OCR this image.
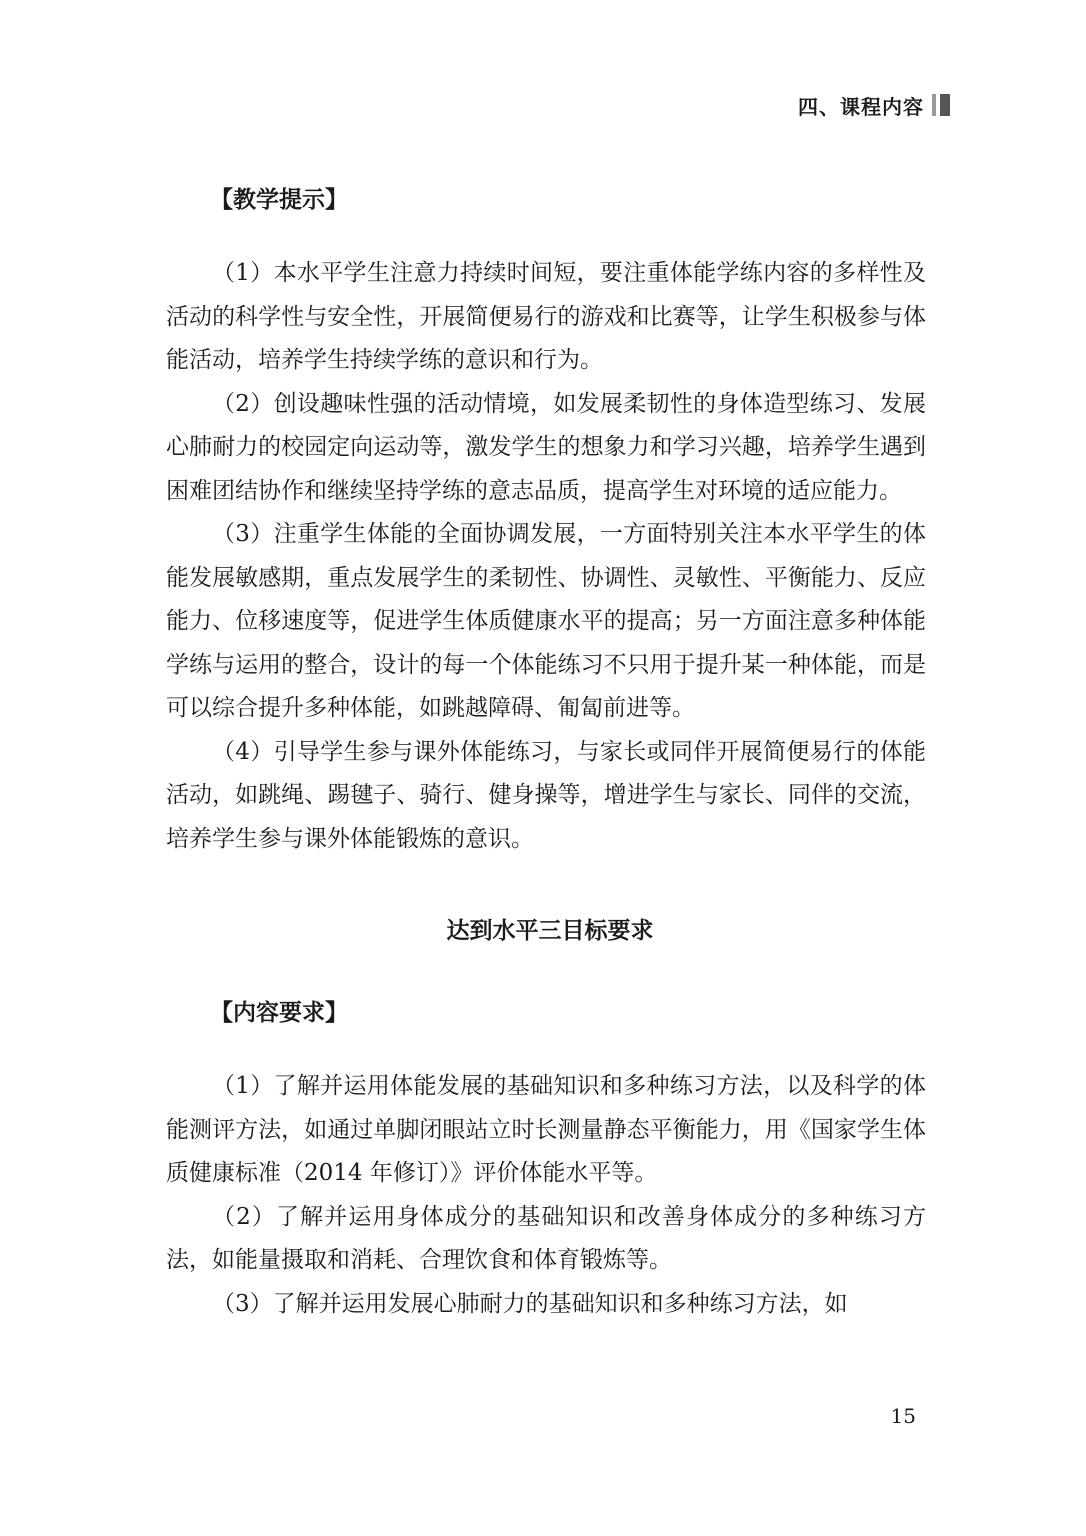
四、课程内容
【教学提示】

（1）本水平学生注意力持续时间短，要注重体能学练内容的多样性及活动的科学性与安全性，开展简便易行的游戏和比赛等，让学生积极参与体能活动，培养学生持续学练的意识和行为。

（2）创设趣味性强的活动情境，如发展柔韧性的身体造型练习、发展心肺耐力的校园定向运动等，激发学生的想象力和学习兴趣，培养学生遇到困难团结协作和继续坚持学练的意志品质，提高学生对环境的适应能力。

（3）注重学生体能的全面协调发展，一方面特别关注本水平学生的体能发展敏感期，重点发展学生的柔韧性、协调性、灵敏性、平衡能力、反应能力、位移速度等，促进学生体质健康水平的提高；另一方面注意多种体能学练与运用的整合，设计的每一个体能练习不只用于提升某一种体能，而是可以综合提升多种体能，如跳越障碍、匍匐前进等。

（4）引导学生参与课外体能练习，与家长或同伴开展简便易行的体能活动，如跳绳、踢毽子、骑行、健身操等，增进学生与家长、同伴的交流，培养学生参与课外体能锻炼的意识。

达到水平三目标要求
【内容要求】

（1）了解并运用体能发展的基础知识和多种练习方法，以及科学的体能测评方法，如通过单脚闭眼站立时长测量静态平衡能力，用《国家学生体质健康标准（2014 年修订）》评价体能水平等。

（2）了解并运用身体成分的基础知识和改善身体成分的多种练习方法，如能量摄取和消耗、合理饮食和体育锻炼等。

（3）了解并运用发展心肺耐力的基础知识和多种练习方法，如

15
